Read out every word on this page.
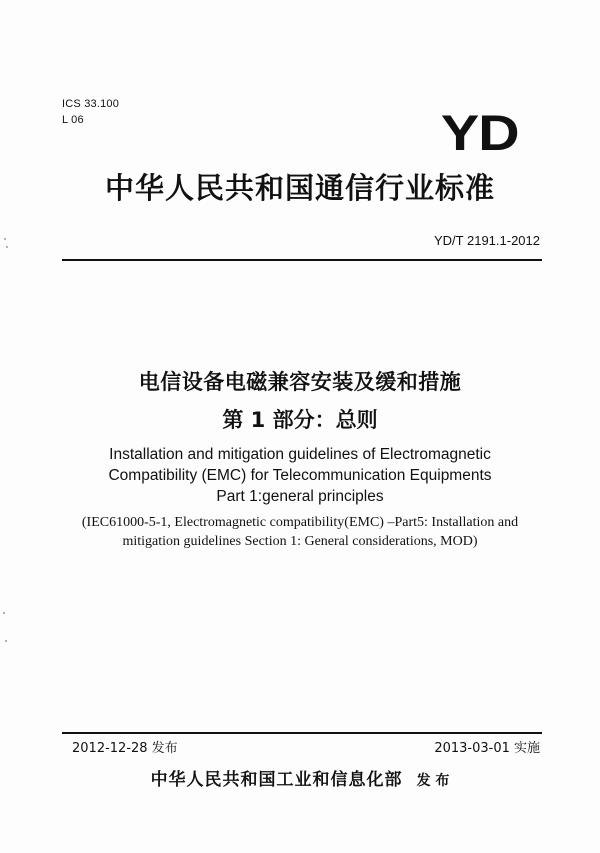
ICS 33.100
L 06	YD
中华人民共和国通信行业标准
YD/T 2191.1-2012
电信设备电磁兼容安装及缓和措施
第 1 部分：总则
Installation and mitigation guidelines of Electromagnetic
Compatibility (EMC) for Telecommunication Equipments
Part 1:general principles
(IEC61000-5-1, Electromagnetic compatibility(EMC) –Part5: Installation and
mitigation guidelines Section 1: General considerations, MOD)
2012-12-28 发布	2013-03-01 实施
中华人民共和国工业和信息化部 发 布
